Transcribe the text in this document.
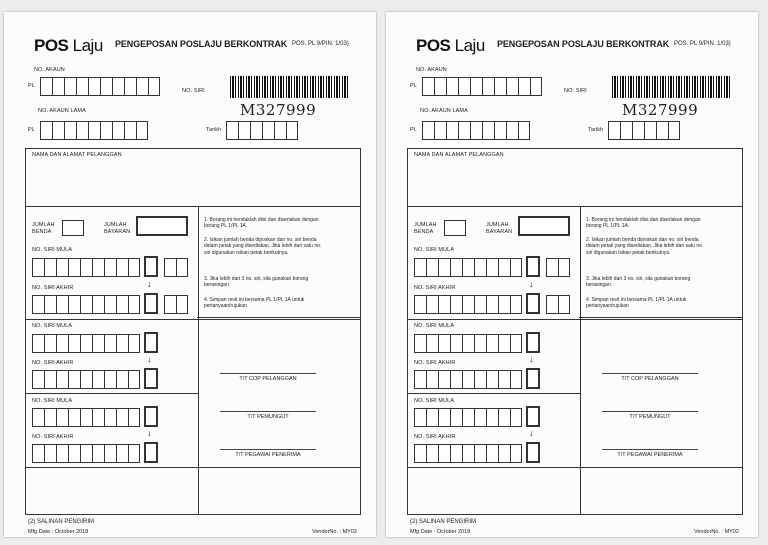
POS Laju PENGEPOSAN POSLAJU BERKONTRAK POS. PL 9/PIN. 1/03)
NO. AKAUN
PL
NO. SIRI
M327999
NO. AKAUN LAMA
PL	Tarikh
NAMA DAN ALAMAT PELANGGAN
JUMLAH BENDA
JUMLAH BAYARAN
NO. SIRI MULA
↓
NO. SIRI AKHIR
NO. SIRI MULA
↓
NO. SIRI AKHIR
NO. SIRI MULA
↓
NO. SIRI AKHIR
1. Borang ini hendaklah diisi dan diserlakan dengan borang PL 1/PL 1A.
2. Isikan jumlah benda diposkan dan no. siri benda dalam petak yang disediakan. Jika lebih dari satu no. siri digunakan isikan petak berikutnya.
3. Jika lebih dari 3 no. siri, sila gunakan borang berasingan.
4. Simpan resit ini bersama PL 1/PL 1A untuk pertanyaan/rujukan
T/T COP PELANGGAN
T/T PEMUNGUT
T/T PEGAWAI PENERIMA
(2) SALINAN PENGIRIM
Mfg Date : October 2018	VendorNo. : MY02
POS Laju PENGEPOSAN POSLAJU BERKONTRAK POS. PL 9/PIN. 1/03)
NO. AKAUN
PL
NO. SIRI
M327999
NO. AKAUN LAMA
PL	Tarikh
NAMA DAN ALAMAT PELANGGAN
JUMLAH BENDA
JUMLAH BAYARAN
NO. SIRI MULA
↓
NO. SIRI AKHIR
NO. SIRI MULA
↓
NO. SIRI AKHIR
NO. SIRI MULA
↓
NO. SIRI AKHIR
1. Borang ini hendaklah diisi dan diserlakan dengan borang PL 1/PL 1A.
2. Isikan jumlah benda diposkan dan no. siri benda dalam petak yang disediakan. Jika lebih dari satu no. siri digunakan isikan petak berikutnya.
3. Jika lebih dari 3 no. siri, sila gunakan borang berasingan.
4. Simpan resit ini bersama PL 1/PL 1A untuk pertanyaan/rujukan
T/T COP PELANGGAN
T/T PEMUNGUT
T/T PEGAWAI PENERIMA
(2) SALINAN PENGIRIM
Mfg Date : October 2018	VendorNo. : MY02
